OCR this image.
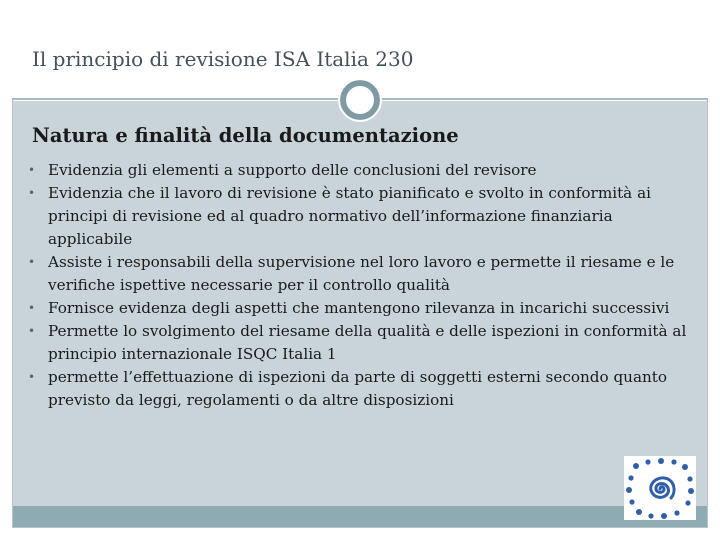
Il principio di revisione ISA Italia 230
Natura e finalità della documentazione
• Evidenzia gli elementi a supporto delle conclusioni del revisore
• Evidenzia che il lavoro di revisione è stato pianificato e svolto in conformità ai principi di revisione ed al quadro normativo dell’informazione finanziaria applicabile
• Assiste i responsabili della supervisione nel loro lavoro e permette il riesame e le verifiche ispettive necessarie per il controllo qualità
• Fornisce evidenza degli aspetti che mantengono rilevanza in incarichi successivi
• Permette lo svolgimento del riesame della qualità e delle ispezioni in conformità al principio internazionale ISQC Italia 1
• permette l’effettuazione di ispezioni da parte di soggetti esterni secondo quanto previsto da leggi, regolamenti o da altre disposizioni
